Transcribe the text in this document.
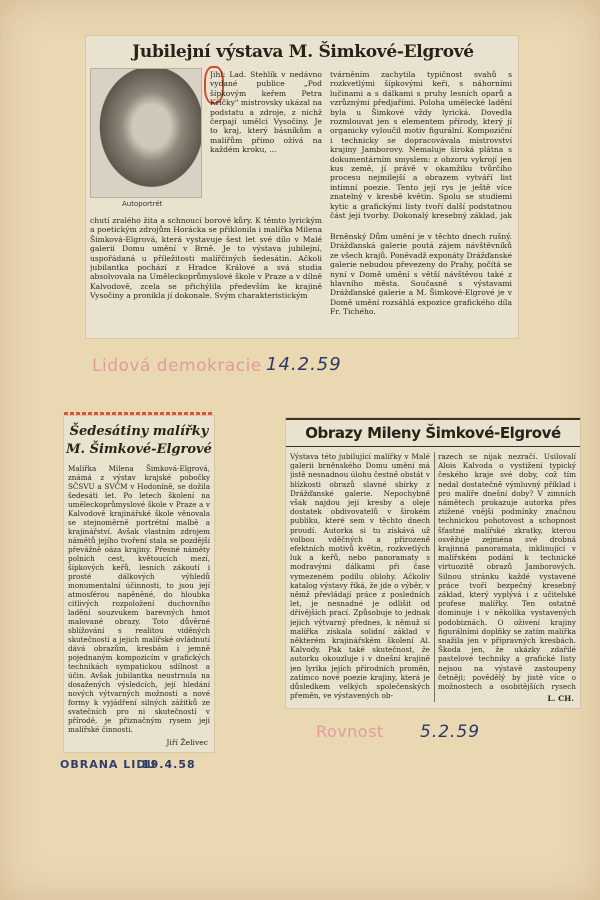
Jubilejní výstava M. Šimkové-Elgrové
Autoportrét
Jihl: Lad. Stehlík v nedávno vydané publice „Pod šípkovým keřem Petra Křičky" mistrovsky ukázal na podstatu a zdroje, z nichž čerpají umělci Vysočiny. Je to kraj, který básníkům a malířům přímo ožívá na každém kroku, ...
chutí zralého žita a schnoucí borové kůry. K těmto lyrickým a poetickým zdrojům Horácka se přiklonila i malířka Milena Šimková-Elgrová, která vystavuje šest let své dílo v Malé galerii Domu umění v Brně. Je to výstava jubilejní, uspořádaná u příležitosti malířčiných šedesátin. Ačkoli jubilantka pochází z Hradce Králové a svá studia absolvovala na Uměleckoprůmyslové škole v Praze a v dílně Kalvodově, zcela se přichýlila především ke krajině Vysočiny a pronikla jí dokonale. Svým charakteristickým
tvárněním zachytila typičnost svahů s rozkvetlými šípkovými keři, s náhorními lučinami a s dálkami s pruhy lesních oparů a vzrůznými předjařími. Poloha umělecké ladění byla u Šimkové vždy lyrická. Dovedla rozmlouvat jen s elementem přírody, který jí organicky vyloučil motiv figurální. Kompoziční i technicky se dopracovávala mistrovství krajiny Jamborovy. Nemaluje široká plátna s dokumentárním smyslem: z obzoru vykrojí jen kus země, jí právě v okamžiku tvůrčího procesu nejmilejší a obrazem vytváří list intimní poezie. Tento její rys je ještě více znatelný v kresbě květin. Spolu se studiemi kytic a grafickými listy tvoří další podstatnou část její tvorby. Dokonalý kresebný základ, jak
Brněnský Dům umění je v těchto dnech rušný. Drážďanská galerie poutá zájem návštěvníků ze všech krajů. Poněvadž exponáty Drážďanské galerie nebudou převezeny do Prahy, počítá se nyní v Domě umění s větší návštěvou také z hlavního města. Současně s výstavami Drážďanské galerie a M. Šimkové-Elgrové je v Domě umění rozsáhlá expozice grafického díla Fr. Tichého.
Lidová demokracie 14.2.59
Šedesátiny malířky
M. Šimkové-Elgrové
Malířka Milena Šimková-Elgrová, známá z výstav krajské pobočky SČSVU a SVČM v Hodoníně, se dožila šedesáti let. Po letech školení na uměleckoprůmyslové škole v Praze a v Kalvodově krajinářské škole věnovala se stejnoměrně portrétní malbě a krajinářství. Avšak vlastním zdrojem námětů jejího tvoření stala se pozdější převážně oáza krajiny. Přesné náměty polních cest, květoucích mezí, šípkových keřů, lesních zákoutí i prosté dálkových výhledů monumentalní účinnosti, to jsou její atmosférou napěněné, do hloubka citlivých rozpoložení duchovního ladění souzvukem barevných hmot malované obrazy. Toto důvěrné sblížování s realitou viděných skutečností a jejich malířské ovládnutí dává obrazům, kresbám i jemně pojednaným kompozicím v grafických technikách sympatickou sdílnost a účin. Avšak jubilantka neustrnula na dosažených výsledcích, její hledání nových výtvarných možností a nové formy k vyjádření silných zážitků ze svatečních pro ni skutečností v přírodě, je přiznačným rysem její malířské činnosti.
Jiří Želivec
OBRANA LIDU
19.4.58
Obrazy Mileny Šimkové-Elgrové
Výstava této jubilující malířky v Malé galerii brněnského Domu umění má jistě nesnadnou úlohu čestně obstát v blízkosti obrazů slavné sbírky z Drážďanské galerie. Nepochybně však najdou její kresby a oleje dostatek obdivovatelů v širokém publiku, které sem v těchto dnech proudí. Autorka si tu získává už volbou vděčných a přirozeně efektních motivů květin, rozkvetlých luk a keřů, nebo panoramaty s modravými dálkami při čase vymezeném podílu oblohy. Ačkoliv katalog výstavy říká, že jde o výběr, v němž převládají práce z posledních let, je nesnadné je odlišit od dřívějších prací. Způsobuje to jednak jejich výtvarný přednes, k němuž si malířka získala solidní základ v některém krajinářském školení Al. Kalvody. Pak také skutečnost, že autorku okouzluje i v dnešní krajině jen lyrika jejích přírodních proměn, zatímco nové poezie krajiny, která je důsledkem velkých společenských přeměn, ve výstavených ob-
razech se nijak nezračí. Usilovalí Alois Kalvoda o vystižení typický českého kraje své doby, což tím nedal dostatečně výmluvný příklad i pro malíře dnešní doby? V zimních námětech prokazuje autorka přes ztížené vnější podmínky značnou technickou pohotovost a schopnost šťastné malířské zkratky, kterou osvěžuje zejména své drobná krajinná panoramata, inklinující v malířském podání k technické virtuozitě obrazů Jamborových. Silnou stránku každé vystavené práce tvoří bezpečný kresebný základ, který vyplývá i z učitelské profese malířky. Ten ostatně dominuje i v několika vystavených podobiznách. O oživení krajiny figurálními doplňky se zatím malířka snažila jen v přípravných kresbách. Škoda jen, že ukázky zdařilé pastelové techniky a grafické listy nejsou na výstavě zastoupeny četněji; povědělý by jistě více o možnostech a osobitějších rysech
L. CH.
Rovnost 5.2.59
